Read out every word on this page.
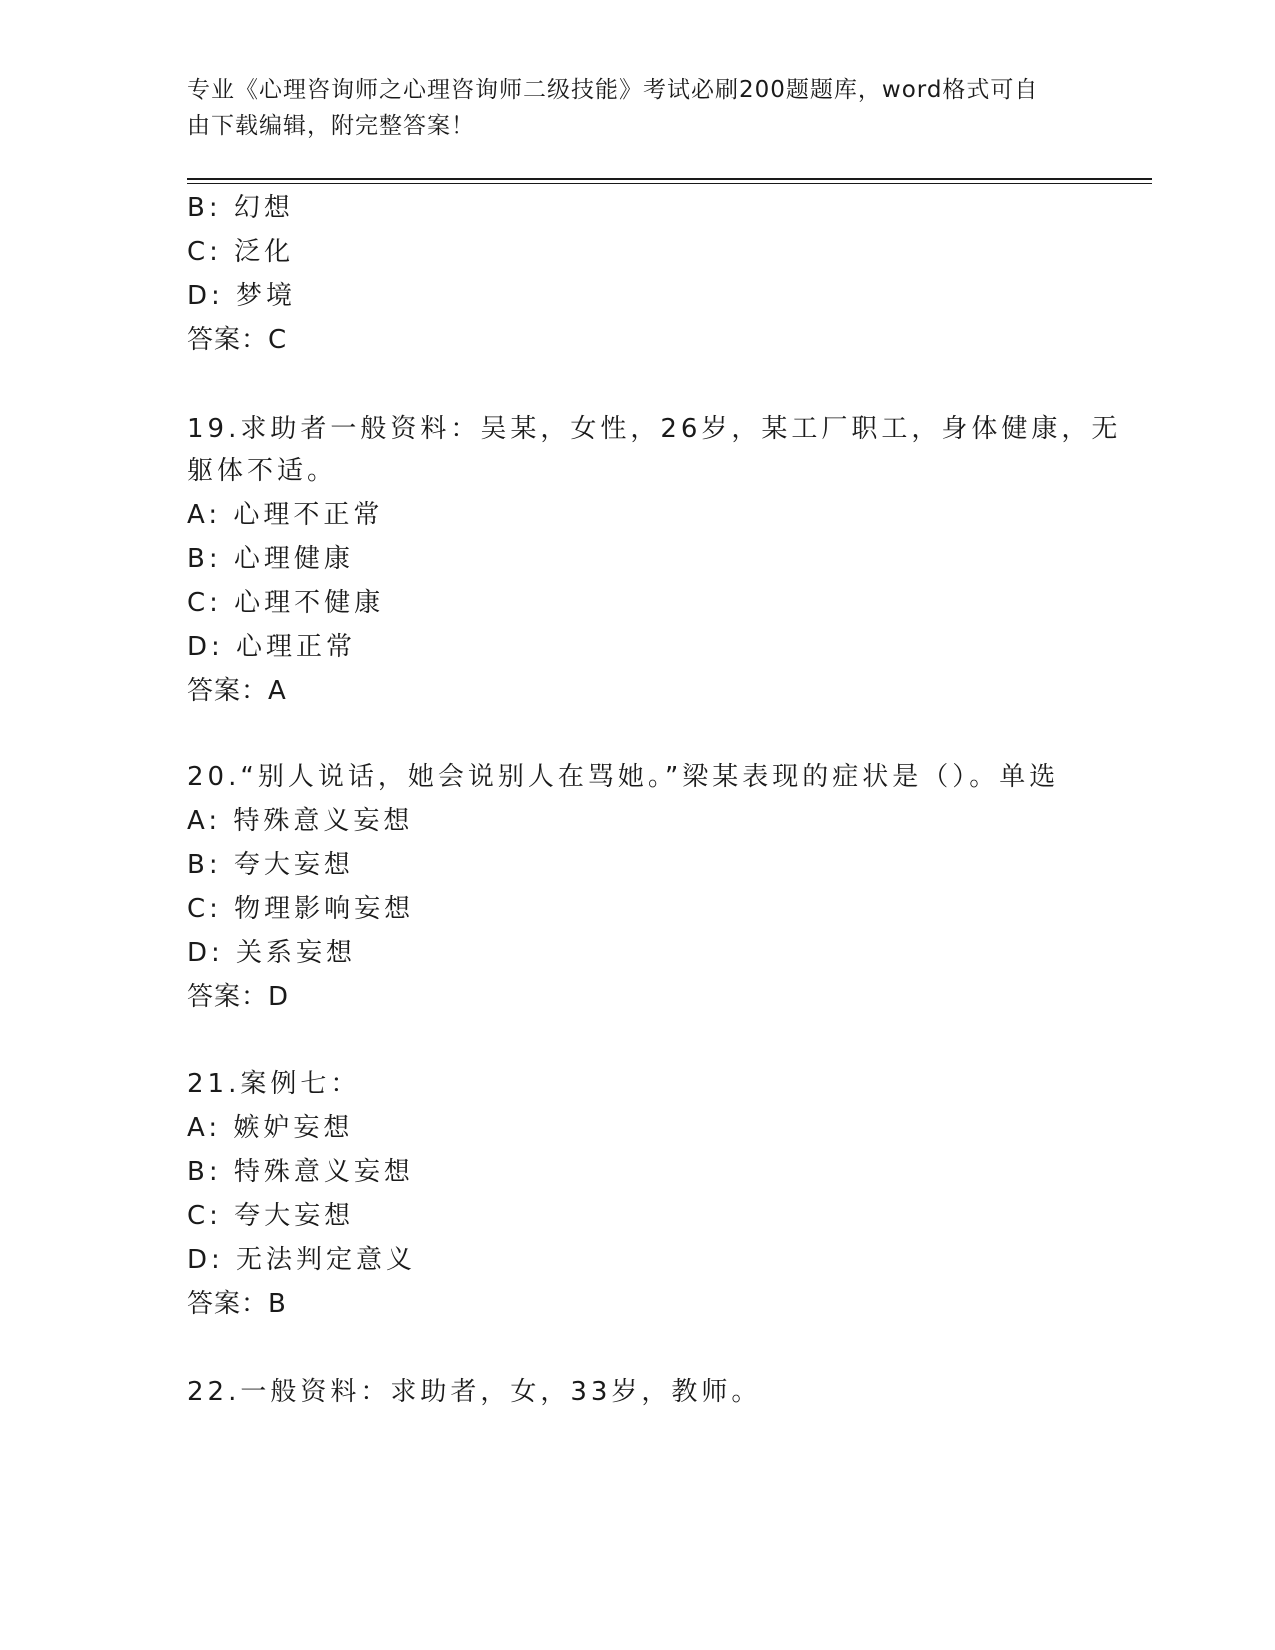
专业《心理咨询师之心理咨询师二级技能》考试必刷200题题库，word格式可自
由下载编辑，附完整答案！
B: 幻想
C: 泛化
D: 梦境
答案：C
19.求助者一般资料：吴某，女性，26岁，某工厂职工，身体健康，无
躯体不适。
A: 心理不正常
B: 心理健康
C: 心理不健康
D: 心理正常
答案：A
20.“别人说话，她会说别人在骂她。”梁某表现的症状是（）。单选
A: 特殊意义妄想
B: 夸大妄想
C: 物理影响妄想
D: 关系妄想
答案：D
21.案例七：
A: 嫉妒妄想
B: 特殊意义妄想
C: 夸大妄想
D: 无法判定意义
答案：B
22.一般资料：求助者，女，33岁，教师。
